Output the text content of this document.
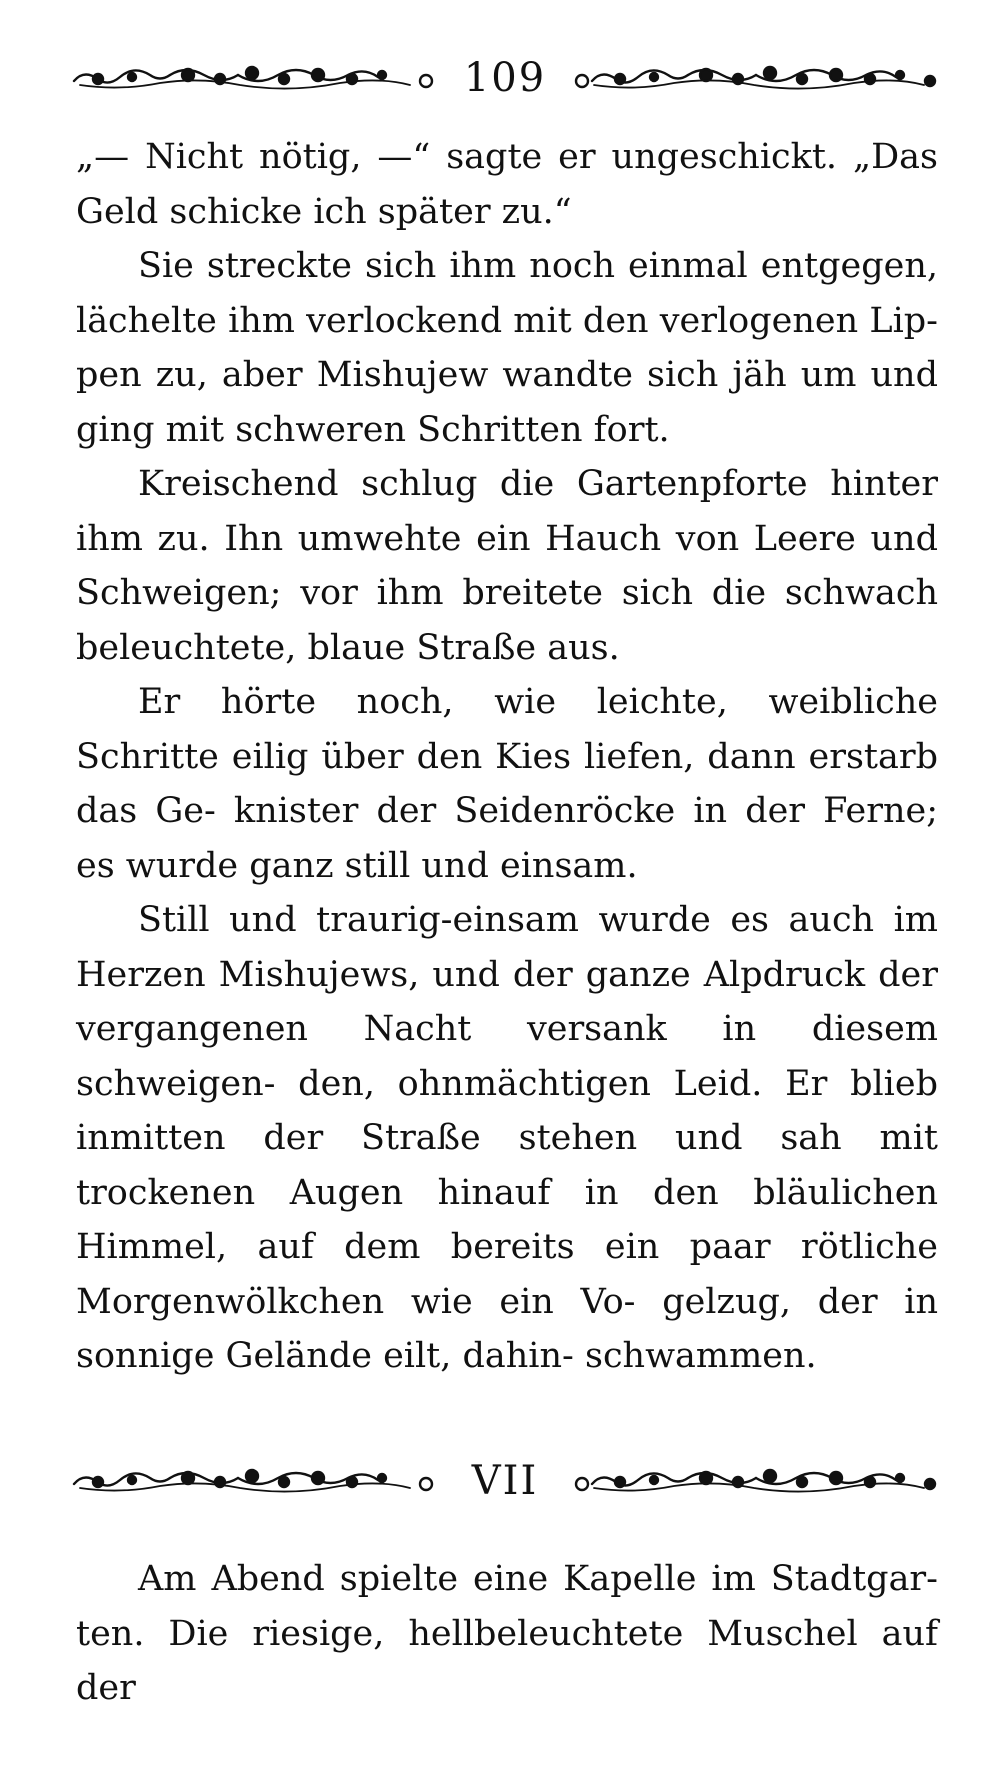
109

„— Nicht nötig, —“ sagte er ungeschickt. „Das Geld schicke ich später zu.“

Sie streckte sich ihm noch einmal entgegen, lächelte ihm verlockend mit den verlogenen Lip‑ pen zu, aber Mishujew wandte sich jäh um und ging mit schweren Schritten fort.

Kreischend schlug die Gartenpforte hinter ihm zu. Ihn umwehte ein Hauch von Leere und Schweigen; vor ihm breitete sich die schwach beleuchtete, blaue Straße aus.

Er hörte noch, wie leichte, weibliche Schritte eilig über den Kies liefen, dann erstarb das Ge‑ knister der Seidenröcke in der Ferne; es wurde ganz still und einsam.

Still und traurig‑einsam wurde es auch im Herzen Mishujews, und der ganze Alpdruck der vergangenen Nacht versank in diesem schweigen‑ den, ohnmächtigen Leid. Er blieb inmitten der Straße stehen und sah mit trockenen Augen hinauf in den bläulichen Himmel, auf dem bereits ein paar rötliche Morgenwölkchen wie ein Vo‑ gelzug, der in sonnige Gelände eilt, dahin‑ schwammen.

VII

Am Abend spielte eine Kapelle im Stadtgar‑ ten. Die riesige, hellbeleuchtete Muschel auf der
